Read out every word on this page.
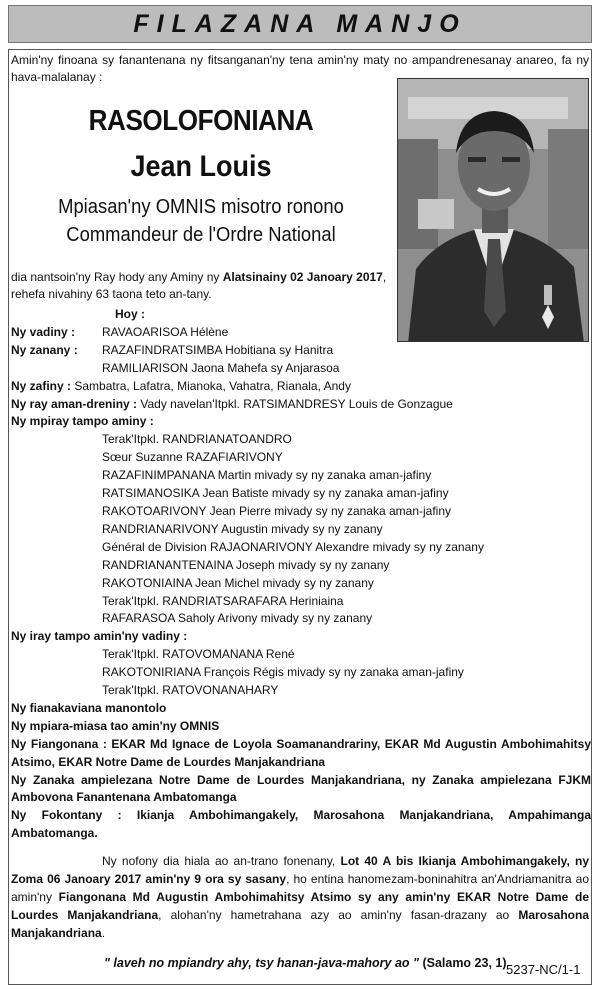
FILAZANA MANJO
Amin'ny finoana sy fanantenana ny fitsanganan'ny tena amin'ny maty no ampandrenesanay anareo, fa ny hava-malalanay :
RASOLOFONIANA
Jean Louis
Mpiasan'ny OMNIS misotro ronono
Commandeur de l'Ordre National
dia nantsoin'ny Ray hody any Aminy ny Alatsinainy 02 Janoary 2017,
rehefa nivahiny 63 taona teto an-tany.
Hoy :
Ny vadiny : RAVAOARISOA Hélène
Ny zanany : RAZAFINDRATSIMBA Hobitiana sy Hanitra
RAMILIARISON Jaona Mahefa sy Anjarasoa
Ny zafiny : Sambatra, Lafatra, Mianoka, Vahatra, Rianala, Andy
Ny ray aman-dreniny : Vady navelan'Itpkl. RATSIMANDRESY Louis de Gonzague
Ny mpiray tampo aminy :
Terak'Itpkl. RANDRIANATOANDRO
Sœur Suzanne RAZAFIARIVONY
RAZAFINIMPANANA Martin mivady sy ny zanaka aman-jafiny
RATSIMANOSIKA Jean Batiste mivady sy ny zanaka aman-jafiny
RAKOTOARIVONY Jean Pierre mivady sy ny zanaka aman-jafiny
RANDRIANARIVONY Augustin mivady sy ny zanany
Général de Division RAJAONARIVONY Alexandre mivady sy ny zanany
RANDRIANANTENAINA Joseph mivady sy ny zanany
RAKOTONIAINA Jean Michel mivady sy ny zanany
Terak'Itpkl. RANDRIATSARAFARA Heriniaina
RAFARASOA Saholy Arivony mivady sy ny zanany
Ny iray tampo amin'ny vadiny :
Terak'Itpkl. RATOVOMANANA René
RAKOTONIRIANA François Régis mivady sy ny zanaka aman-jafiny
Terak'Itpkl. RATOVONANAHARY
Ny fianakaviana manontolo
Ny mpiara-miasa tao amin'ny OMNIS
Ny Fiangonana : EKAR Md Ignace de Loyola Soamanandrariny, EKAR Md Augustin Ambohimahitsy Atsimo, EKAR Notre Dame de Lourdes Manjakandriana
Ny Zanaka ampielezana Notre Dame de Lourdes Manjakandriana, ny Zanaka ampielezana FJKM Ambovona Fanantenana Ambatomanga
Ny Fokontany : Ikianja Ambohimangakely, Marosahona Manjakandriana, Ampahimanga Ambatomanga.
Ny nofony dia hiala ao an-trano fonenany, Lot 40 A bis Ikianja Ambohimangakely, ny Zoma 06 Janoary 2017 amin'ny 9 ora sy sasany, ho entina hanomezam-boninahitra an'Andriamanitra ao amin'ny Fiangonana Md Augustin Ambohimahitsy Atsimo sy any amin'ny EKAR Notre Dame de Lourdes Manjakandriana, alohan'ny hametrahana azy ao amin'ny fasan-drazany ao Marosahona Manjakandriana.
" laveh no mpiandry ahy, tsy hanan-java-mahory ao " (Salamo 23, 1) 5237-NC/1-1
